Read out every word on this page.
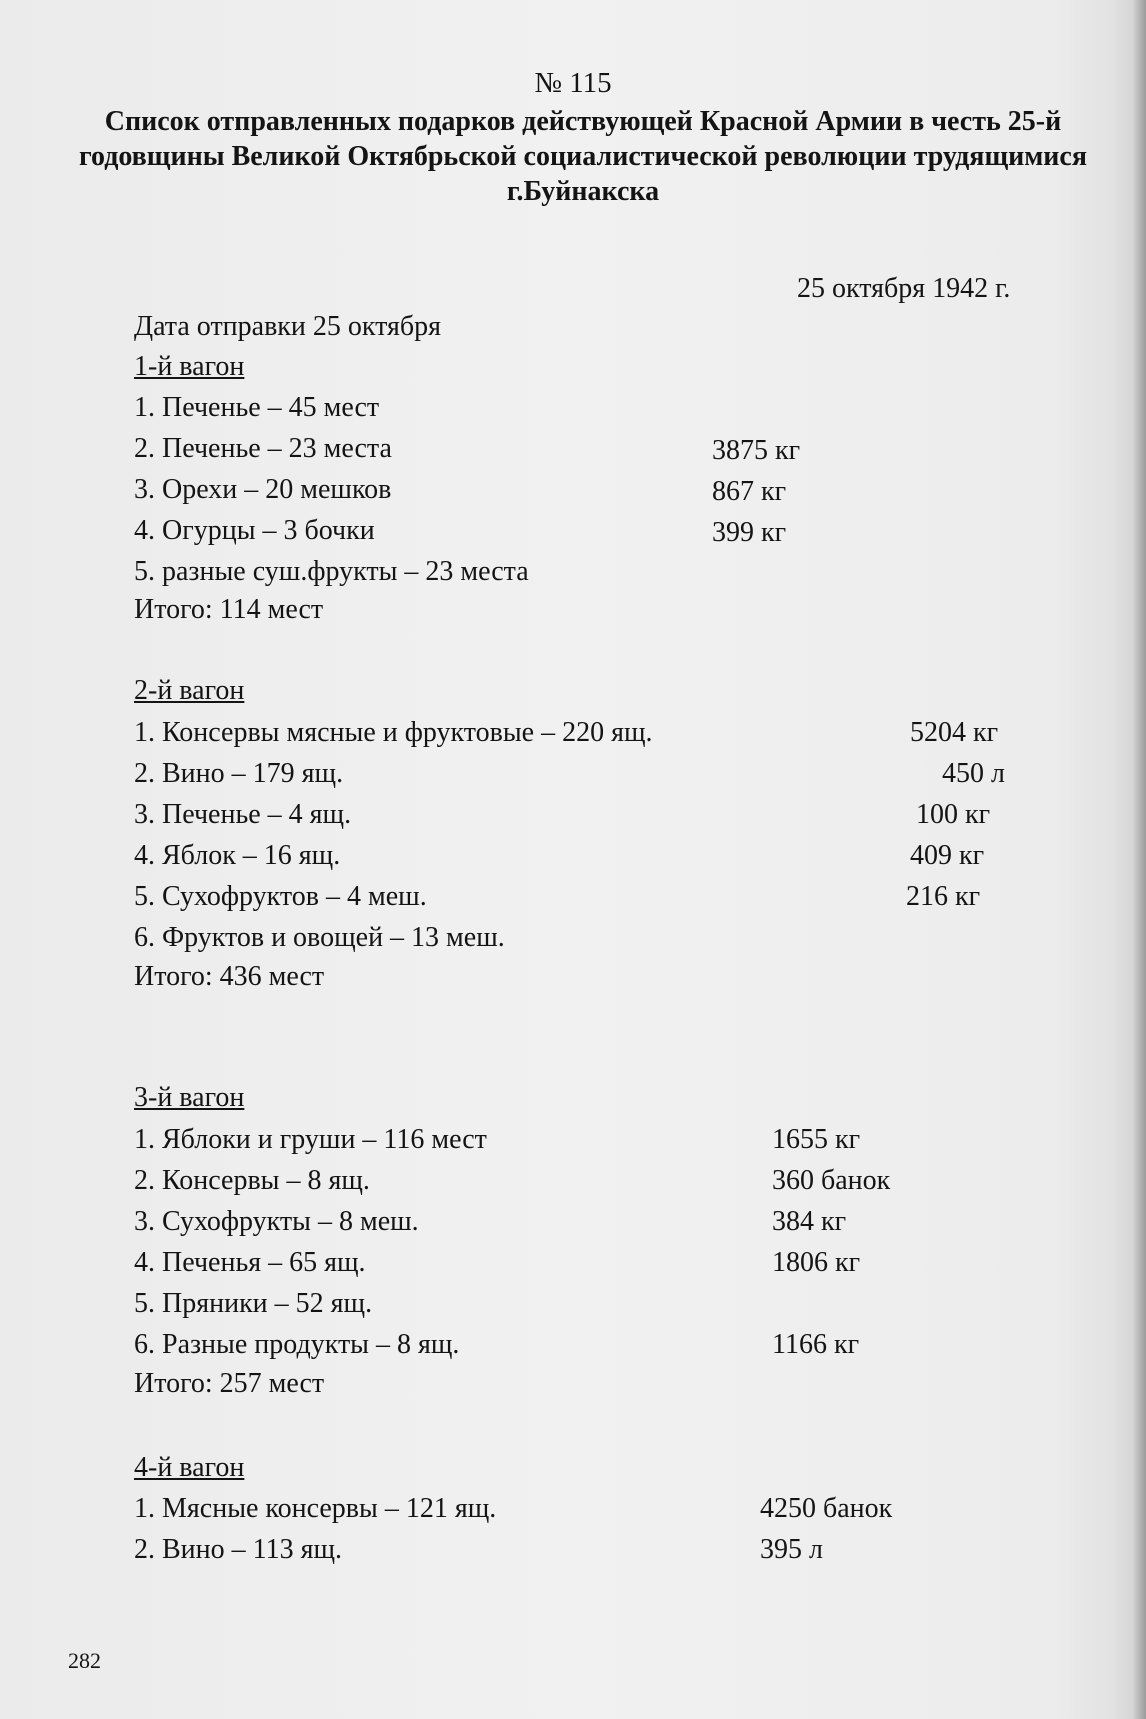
№ 115
Список отправленных подарков действующей Красной Армии в честь 25-й годовщины Великой Октябрьской социалистической революции трудящимися г.Буйнакска
25 октября 1942 г.
Дата отправки 25 октября
1-й вагон
1. Печенье – 45 мест
2. Печенье – 23 места
3. Орехи – 20 мешков
4. Огурцы – 3 бочки
5. разные суш.фрукты – 23 места
3875 кг
867 кг
399 кг
Итого: 114 мест
2-й вагон
1. Консервы мясные и фруктовые – 220 ящ.
2. Вино – 179 ящ.
3. Печенье – 4 ящ.
4. Яблок – 16 ящ.
5. Сухофруктов – 4 меш.
6. Фруктов и овощей – 13 меш.
5204 кг
450 л
100 кг
409 кг
216 кг
Итого: 436 мест
3-й вагон
1. Яблоки и груши – 116 мест
2. Консервы – 8 ящ.
3. Сухофрукты – 8 меш.
4. Печенья – 65 ящ.
5. Пряники – 52 ящ.
6. Разные продукты – 8 ящ.
1655 кг
360 банок
384 кг
1806 кг
1166 кг
Итого: 257 мест
4-й вагон
1. Мясные консервы – 121 ящ.
2. Вино – 113 ящ.
4250 банок
395 л
282
